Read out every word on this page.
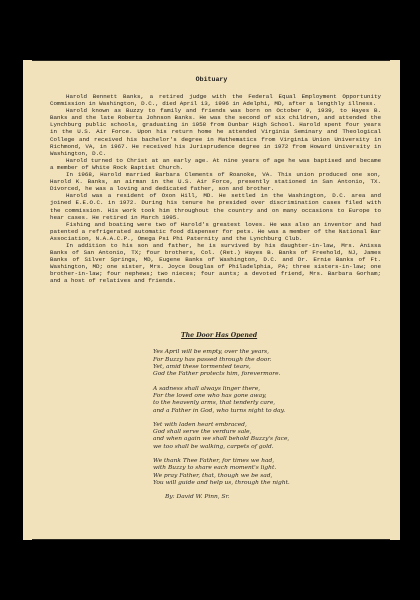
Obituary

Harold Bennett Banks, a retired judge with the Federal Equal Employment Opportunity Commission in Washington, D.C., died April 13, 1996 in Adelphi, MD, after a lengthly illness.

Harold known as Buzzy to family and friends was born on October 9, 1939, to Hayes B. Banks and the late Roberta Johnson Banks. He was the second of six children, and attended the Lynchburg public schools, graduating in 1958 from Dunbar High School. Harold spent four years in the U.S. Air Force. Upon his return home he attended Virginia Seminary and Theological College and received his bachelor's degree in Mathematics from Virginia Union University in Richmond, VA, in 1967. He received his Jurisprudence degree in 1972 from Howard University in Washington, D.C.

Harold turned to Christ at an early age. At nine years of age he was baptised and became a member of White Rock Baptist Church.

In 1968, Harold married Barbara Clements of Roanoke, VA. This union produced one son, Harold K. Banks, an airman in the U.S. Air Force, presently stationed in San Antonio, TX. Divorced, he was a loving and dedicated father, son and brother.

Harold was a resident of Oxon Hill, MD. He settled in the Washington, D.C. area and joined E.E.O.C. in 1972. During his tenure he presided over discrimination cases filed with the commission. His work took him throughout the country and on many occasions to Europe to hear cases. He retired in March 1995.

Fishing and boating were two of Harold's greatest loves. He was also an inventor and had patented a refrigerated automatic food dispenser for pets. He was a member of the National Bar Association, N.A.A.C.P., Omega Psi Phi Paternity and the Lynchburg Club.

In addition to his son and father, he is survived by his daughter-in-law, Mrs. Anissa Banks of San Antonio, TX; four brothers, Col. (Ret.) Hayes B. Banks of Freehold, NJ, James Banks of Silver Springs, MD, Eugene Banks of Washington, D.C. and Dr. Ernie Banks of Ft. Washington, MD; one sister, Mrs. Joyce Douglas of Philadelphia, PA; three sisters-in-law; one brother-in-law; four nephews; two nieces; four aunts; a devoted friend, Mrs. Barbara Gorham; and a host of relatives and friends.

The Door Has Opened
Yes April will be empty, over the years,
For Buzzy has passed through the door.
Yet, amid these tormented tears,
God the Father protects him, forevermore.
A sadness shall always linger there,
For the loved one who has gone away,
to the heavenly arms, that tenderly care,
and a Father in God, who turns night to day.
Yet with laden heart embraced,
God shall serve the verdure sale,
and when again we shall behold Buzzy's face,
we too shall be walking, carpets of gold.
We thank Thee Father, for times we had,
with Buzzy to share each moment's light.
We pray Father, that, though we be sad,
You will guide and help us, through the night.
By: David W. Pinn, Sr.
